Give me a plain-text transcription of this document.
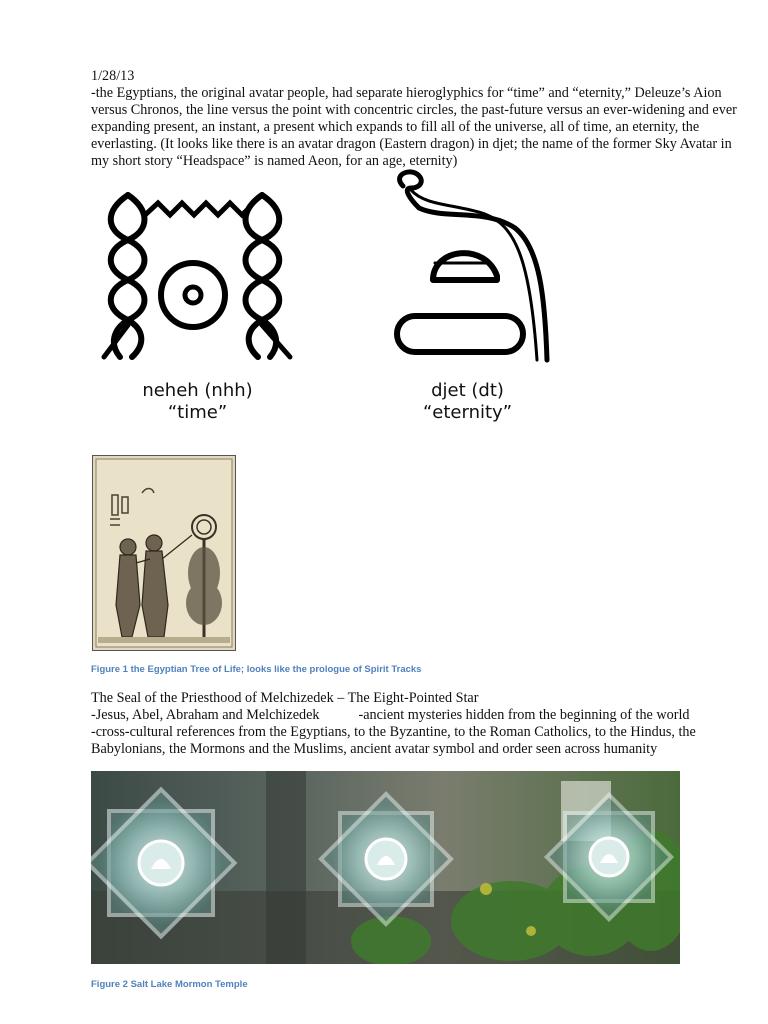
1/28/13
-the Egyptians, the original avatar people, had separate hieroglyphics for “time” and “eternity,” Deleuze’s Aion
versus Chronos, the line versus the point with concentric circles, the past-future versus an ever-widening and ever
expanding present, an instant, a present which expands to fill all of the universe, all of time, an eternity, the
everlasting. (It looks like there is an avatar dragon (Eastern dragon) in djet; the name of the former Sky Avatar in
my short story “Headspace” is named Aeon, for an age, eternity)
neheh (nhh)
“time”
djet (dt)
“eternity”
Figure 1 the Egyptian Tree of Life; looks like the prologue of Spirit Tracks
The Seal of the Priesthood of Melchizedek – The Eight-Pointed Star
-Jesus, Abel, Abraham and Melchizedek           -ancient mysteries hidden from the beginning of the world
-cross-cultural references from the Egyptians, to the Byzantine, to the Roman Catholics, to the Hindus, the
Babylonians, the Mormons and the Muslims, ancient avatar symbol and order seen across humanity
Figure 2 Salt Lake Mormon Temple
